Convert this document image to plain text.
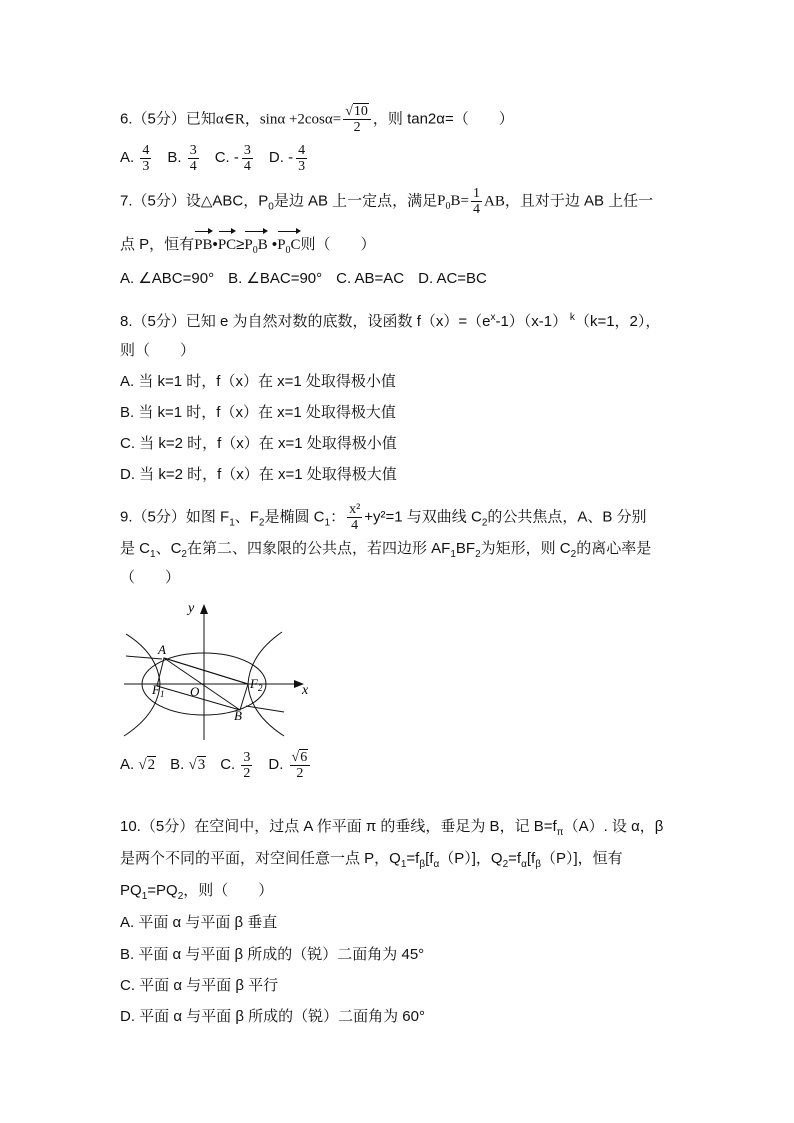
6.（5分）已知α∈R，$\sin\alpha +2\cos\alpha= \frac{√10}{2}$ ，则 tan2α=（　　）
A. $\frac{4}{3} B$. $\frac{3}{4} C$. - $\frac{3}{4} D$. - $\frac{4}{3}$
7.（5分）设△ABC，$P_0$是边 AB 上一定点，满足$P_0B= \frac{1}{4}$ AB，且对于边 AB 上任一
点 P，恒有$PB•PC\ge P_0B$ $•P_0C$则（　　）
A. ∠ABC=90° B. ∠BAC=90° C. AB=AC D. AC=BC
8.（5分）已知 e 为自然对数的底数，设函数 $f(x)=(e^x-1)(x-1)$ $^k$（k=1，2），
则（　　）
A. 当 k=1 时，f（x）在 x=1 处取得极小值
B. 当 k=1 时，f（x）在 x=1 处取得极大值
C. 当 k=2 时，f（x）在 x=1 处取得极小值
D. 当 k=2 时，f（x）在 x=1 处取得极大值
9.（5分）如图 $F_1$、$F_2$是椭圆 $C_1$： $\frac{\text{x²}}{4} +y^2=1$ 与双曲线 $C_2$的公共焦点，A、B 分别
是 $C_1$、$C_2$在第二、四象限的公共点，若四边形 $AF_1BF_2$为矩形，则 $C_2$的离心率是
（　　）
y
x
A
B
O
$F_1$
$F_2$
A. √2 B. √3 C. $\frac{3}{2} D$. $\frac{√6}{2}$
10.（5分）在空间中，过点 A 作平面 π 的垂线，垂足为 B，记 $B=f_\pi(A)$. 设 α，β
是两个不同的平面，对空间任意一点 P，$Q_1=f_\beta[f_\alpha(P)]$，$Q_2=f_\alpha[f_\beta(P)]$，恒有
$PQ_1=PQ_2$，则（　　）
A. 平面 α 与平面 β 垂直
B. 平面 α 与平面 β 所成的（锐）二面角为 45°
C. 平面 α 与平面 β 平行
D. 平面 α 与平面 β 所成的（锐）二面角为 60°
